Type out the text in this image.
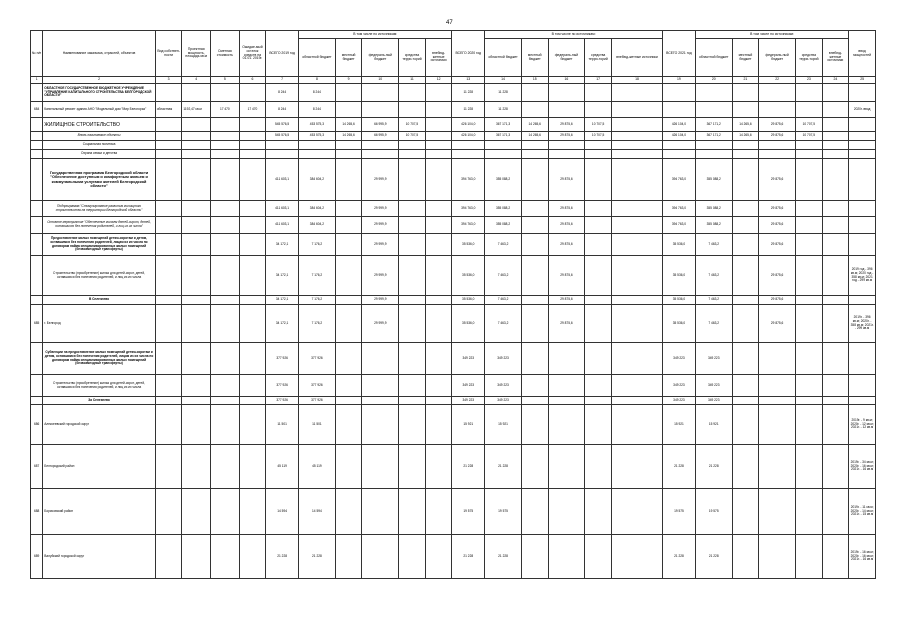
47
№ п/п	Наименование заказчика, отраслей, объектов	Вид собствен-ности	Проектная мощность, площадь кв.м	Сметная стоимость	Ожидае-мый остаток средств на 01.01. 2019г.	ВСЕГО 2019 год	В том числе по источникам:					ВСЕГО 2020 год	В том числе по источникам:					ВСЕГО 2021 год	В том числе по источникам:					ввод мощностей
							областной бюджет	местный бюджет	федераль-ный бюджет	средства терри-торий	внебюд-жетные источники		областной бюджет	местный бюджет	федераль-ный бюджет	средства терри-торий	внебюд-жетные источники		областной бюджет	местный бюджет	федераль-ный бюджет	средства терри-торий	внебюд-жетные источники	
1	2	3	4	5	6	7	8	9	10	11	12	13	14	15	16	17	18	19	20	21	22	23	24	25
	ОБЛАСТНОЕ ГОСУДАРСТВЕННОЕ БЮДЖЕТНОЕ УЧРЕЖДЕНИЕ "УПРАВЛЕНИЕ КАПИТАЛЬНОГО СТРОИТЕЛЬСТВА БЕЛГОРОДСКОЙ ОБЛАСТИ"					8 244	8 244					11 228	11 228											
684	Капитальный ремонт здания АНО "Модельный дом "Мир Белогорья"	областная	1192,47 кв.м	17 470	17 470	8 244	8 244					11 228	11 228											2020г. ввод
	ЖИЛИЩНОЕ СТРОИТЕЛЬСТВО					545 576,5	453 575,3	14 265,6	66 995,9	10 707,5		426 104,0	367 171,3	14 265,6	29 875,6	10 707,5		426 104,0	367 171,2	14 265,6	29 875,6	10 707,5		
	Вновь начинаемые объекты					545 576,5	453 575,3	14 265,6	66 995,9	10 707,5		426 104,0	367 171,3	14 265,6	29 875,6	10 707,5		426 104,0	367 171,2	14 265,6	29 875,6	10 707,5		
	Социальная политика																							
	Охрана семьи и детства																							
	Государственная программа Белгородской области "Обеспечение доступным и комфортным жильем и коммунальными услугами жителей Белгородской области"					411 603,1	384 604,2		29 999,9			394 763,0	355 088,2		29 875,6			394 763,0	355 088,2		29 875,6			
	Подпрограмма "Стимулирование развития жилищного строительства на территории Белгородской области"					411 603,1	384 604,2		29 999,9			394 763,0	355 088,2		29 875,6			394 763,0	355 088,2		29 875,6			
	Основное мероприятие "Обеспечение жильем детей-сирот, детей, оставшихся без попечения родителей, и лиц из их числа"					411 603,1	384 604,2		29 999,9			394 763,0	355 088,2		29 875,6			394 763,0	355 088,2		29 875,6			
	Предоставление жилых помещений детям-сиротам и детям, оставшимся без попечения родителей, лицам из их числа по договорам найма специализированных жилых помещений (безвозмездные трансферты)					34 172,1	7 176,2		29 999,9			35 536,0	7 463,2		29 875,6			35 536,0	7 463,2		29 875,6			
	Строительство (приобретение) жилья для детей-сирот, детей, оставшихся без попечения родителей, и лиц из их числа					34 172,1	7 176,2		29 999,9			35 536,0	7 463,2		29 875,6			35 536,0	7 463,2		29 875,6			2019 год - 396 кв.м; 2020 год - 358 кв.м; 2021 год - 299 кв.м
	В Селезнево					34 172,1	7 176,2		29 999,9			35 536,0	7 463,2		29 875,6			35 536,0	7 463,2		29 875,6			
685	г. Белгород					34 172,1	7 176,2		29 999,9			35 536,0	7 463,2		29 875,6			35 536,0	7 463,2		29 875,6			2019г. - 396 кв.м; 2020г. - 358 кв.м; 2021г. - 299 кв.м
	Субвенции на предоставление жилых помещений детям-сиротам и детям, оставшимся без попечения родителей, лицам из их числа по договорам найма специализированных жилых помещений (безвозмездные трансферты)					377 926	377 926					349 223	349 223					349 223	349 223					
	Строительство (приобретение) жилья для детей-сирот, детей, оставшихся без попечения родителей, и лиц из их числа					377 926	377 926					349 223	349 223					349 223	349 223					
	За Селезнево					377 926	377 926					349 223	349 223					349 223	349 223					
686	Алексеевский городской округ					11 501	11 501					15 921	15 921					15 921	15 921					2019г. - 9 кв.м; 2020г. - 12 кв.м; 2021г. - 12 кв.м
687	Белгородский район					45 119	45 119					21 228	21 228					21 228	21 228					2019г. - 34 кв.м; 2020г. - 16 кв.м; 2021г. - 16 кв.м
688	Борисовский район					14 594	14 594					19 575	19 575					19 575	19 575					2019г. - 11 кв.м; 2020г. - 14 кв.м; 2021г. - 15 кв.м
689	Валуйский городской округ					21 228	21 228					21 228	21 228					21 228	21 228					2019г. - 16 кв.м; 2020г. - 16 кв.м; 2021г. - 16 кв.м
